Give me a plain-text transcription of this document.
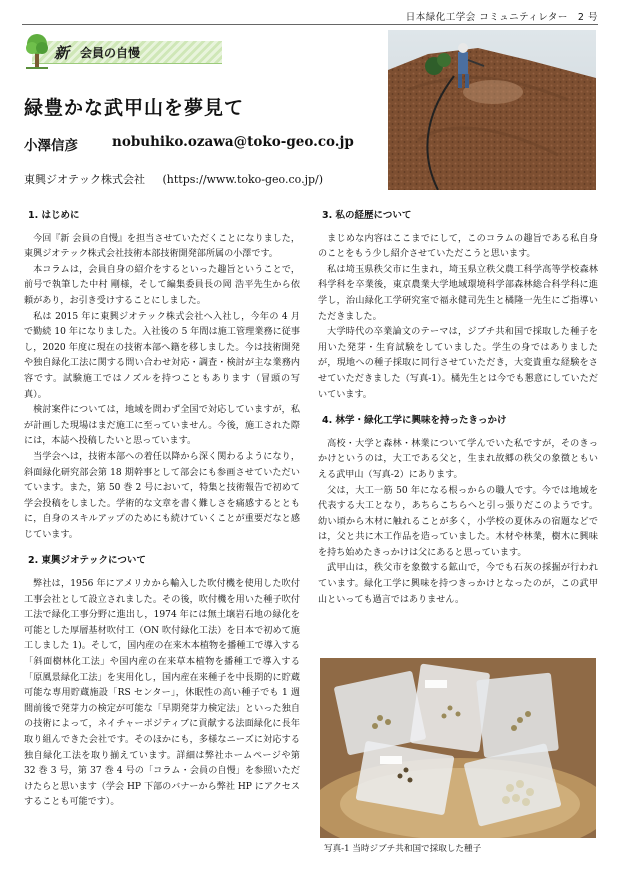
日本緑化工学会 コミュニティレター　2 号
新 会員の自慢
緑豊かな武甲山を夢見て
小澤信彦	nobuhiko.ozawa@toko-geo.co.jp
東興ジオテック株式会社 (https://www.toko-geo.co.jp/)
1. はじめに

今回『新 会員の自慢』を担当させていただくことになりました，東興ジオテック株式会社技術本部技術開発部所属の小澤です。

本コラムは，会員自身の紹介をするといった趣旨ということで，前号で執筆した中村 剛様，そして編集委員長の岡 浩平先生から依頼があり，お引き受けすることにしました。

私は 2015 年に東興ジオテック株式会社へ入社し，今年の 4 月で勤続 10 年になりました。入社後の 5 年間は施工管理業務に従事し，2020 年度に現在の技術本部へ籍を移しました。今は技術開発や独自緑化工法に関する問い合わせ対応・調査・検討が主な業務内容です。試験施工ではノズルを持つこともあります（冒頭の写真）。

検討案件については，地域を問わず全国で対応していますが，私が計画した現場はまだ施工に至っていません。今後，施工された際には，本誌へ投稿したいと思っています。

当学会へは，技術本部への着任以降から深く関わるようになり，斜面緑化研究部会第 18 期幹事として部会にも参画させていただいています。また，第 50 巻 2 号において，特集と技術報告で初めて学会投稿をしました。学術的な文章を書く難しさを痛感するとともに，自身のスキルアップのためにも続けていくことが重要だなと感じています。

2. 東興ジオテックについて

弊社は，1956 年にアメリカから輸入した吹付機を使用した吹付工事会社として設立されました。その後，吹付機を用いた種子吹付工法で緑化工事分野に進出し，1974 年には無土壌岩石地の緑化を可能とした厚層基材吹付工（ON 吹付緑化工法）を日本で初めて施工しました 1)。そして，国内産の在来木本植物を播種工で導入する「斜面樹林化工法」や国内産の在来草本植物を播種工で導入する「原風景緑化工法」を実用化し，国内産在来種子を中長期的に貯蔵可能な専用貯蔵施設「RS センター」，休眠性の高い種子でも 1 週間前後で発芽力の検定が可能な「早期発芽力検定法」といった独自の技術によって，ネイチャーポジティブに貢献する法面緑化に長年取り組んできた会社です。そのほかにも，多様なニーズに対応する独自緑化工法を取り揃えています。詳細は弊社ホームページや第 32 巻 3 号，第 37 巻 4 号の「コラム・会員の自慢」を参照いただけたらと思います（学会 HP 下部のバナーから弊社 HP にアクセスすることも可能です）。

3. 私の経歴について

まじめな内容はここまでにして，このコラムの趣旨である私自身のことをもう少し紹介させていただこうと思います。

私は埼玉県秩父市に生まれ，埼玉県立秩父農工科学高等学校森林科学科を卒業後，東京農業大学地域環境科学部森林総合科学科に進学し，治山緑化工学研究室で福永健司先生と橘隆一先生にご指導いただきました。

大学時代の卒業論文のテーマは，ジブチ共和国で採取した種子を用いた発芽・生育試験をしていました。学生の身ではありましたが，現地への種子採取に同行させていただき，大変貴重な経験をさせていただきました（写真-1）。橘先生とは今でも懇意にしていただいています。

4. 林学・緑化工学に興味を持ったきっかけ

高校・大学と森林・林業について学んでいた私ですが，そのきっかけというのは，大工である父と，生まれ故郷の秩父の象徴ともいえる武甲山（写真-2）にあります。

父は，大工一筋 50 年になる根っからの職人です。今では地域を代表する大工となり，あちらこちらへと引っ張りだこのようです。幼い頃から木材に触れることが多く，小学校の夏休みの宿題などでは，父と共に木工作品を造っていました。木材や林業，樹木に興味を持ち始めたきっかけは父にあると思っています。

武甲山は，秩父市を象徴する鉱山で，今でも石灰の採掘が行われています。緑化工学に興味を持つきっかけとなったのが，この武甲山といっても過言ではありません。

写真-1 当時ジブチ共和国で採取した種子
